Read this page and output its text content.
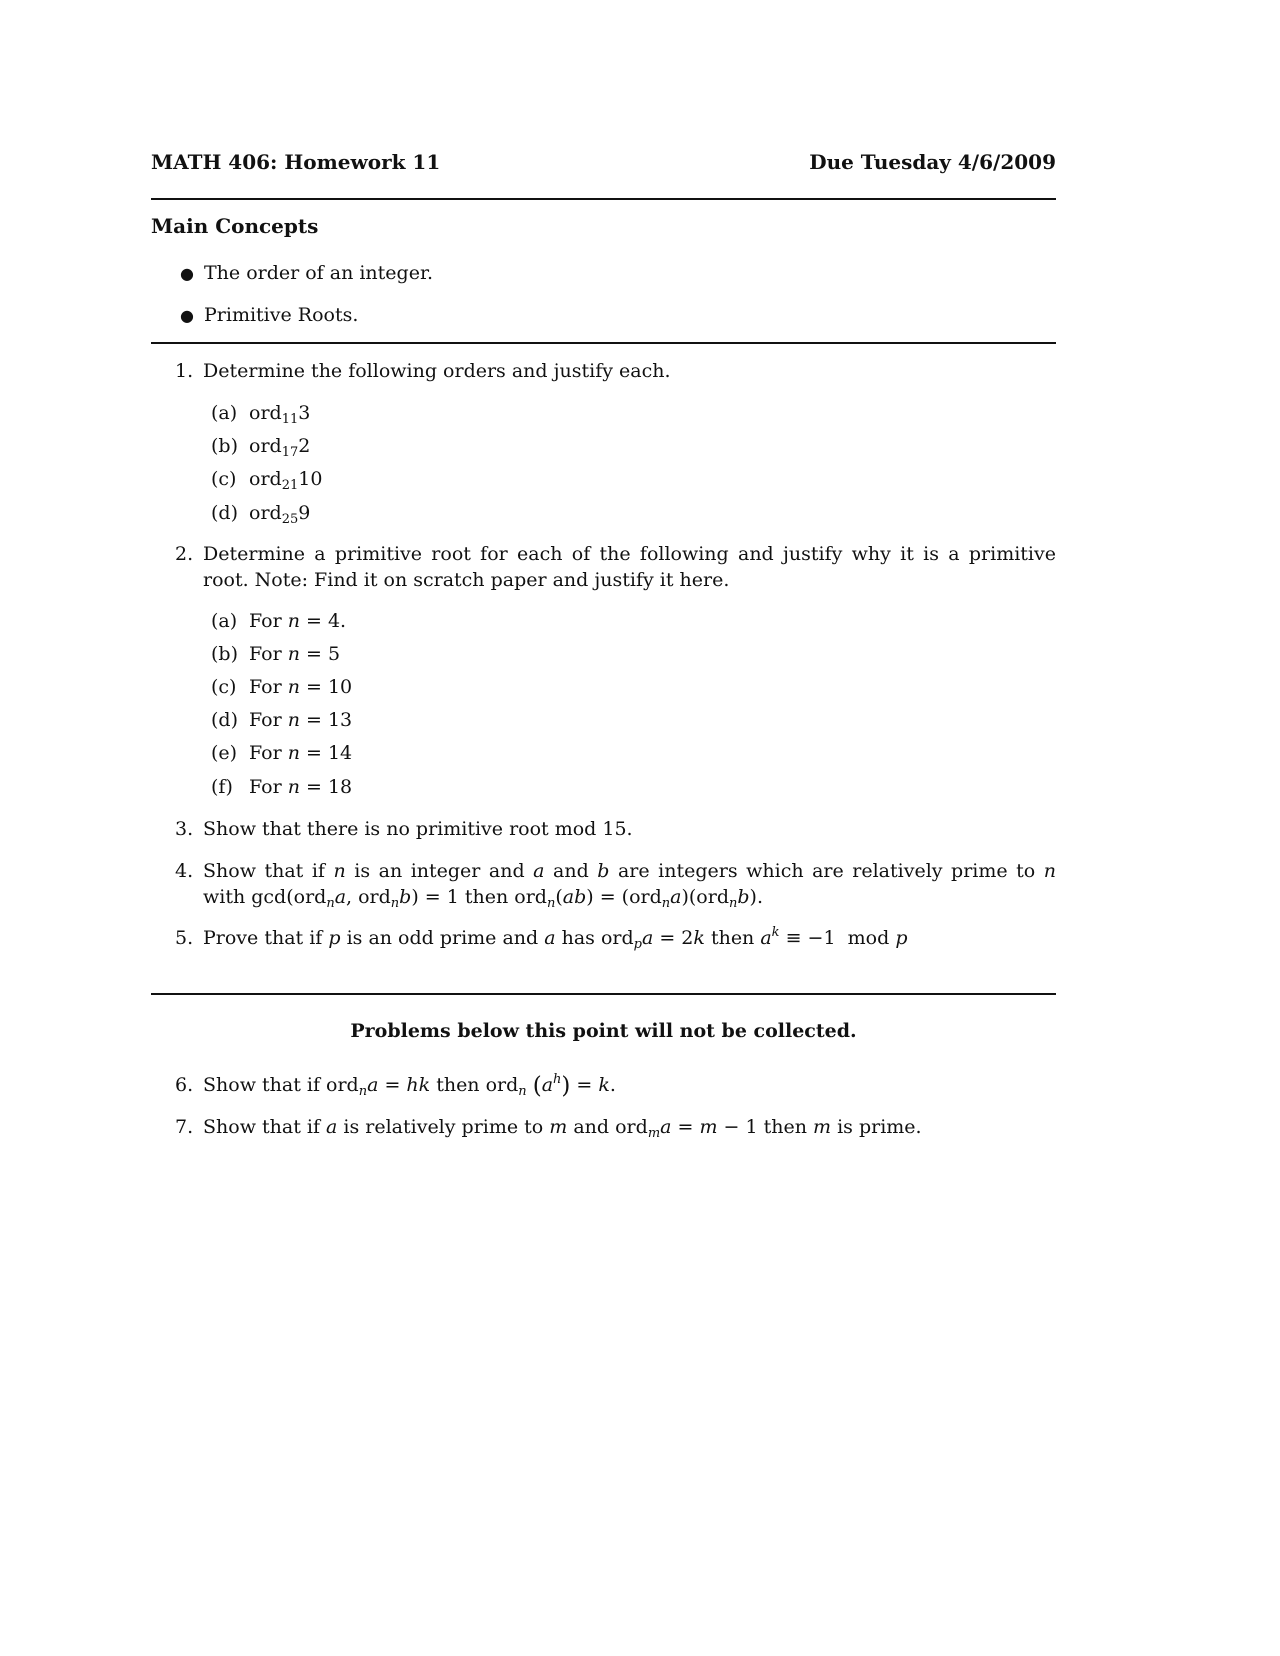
MATH 406: Homework 11	Due Tuesday 4/6/2009
Main Concepts
● The order of an integer.
● Primitive Roots.
1. Determine the following orders and justify each.
(a) ord$_{11}$3
(b) ord$_{17}$2
(c) ord$_{21}$10
(d) ord$_{25}$9
2. Determine a primitive root for each of the following and justify why it is a primitive root. Note: Find it on scratch paper and justify it here.
(a) For n = 4.
(b) For n = 5
(c) For n = 10
(d) For n = 13
(e) For n = 14
(f) For n = 18
3. Show that there is no primitive root mod 15.
4. Show that if n is an integer and a and b are integers which are relatively prime to n with gcd(ord$_n$a, ord$_n$b) = 1 then ord$_n$(ab) = (ord$_n$a)(ord$_n$b).
5. Prove that if p is an odd prime and a has ord$_p$a = 2k then $a^k \equiv -1$  mod p
Problems below this point will not be collected.
6. Show that if ord$_n$a = hk then ord$_n$ $(a^h) = k$.
7. Show that if a is relatively prime to m and ord$_m$a = m − 1 then m is prime.
